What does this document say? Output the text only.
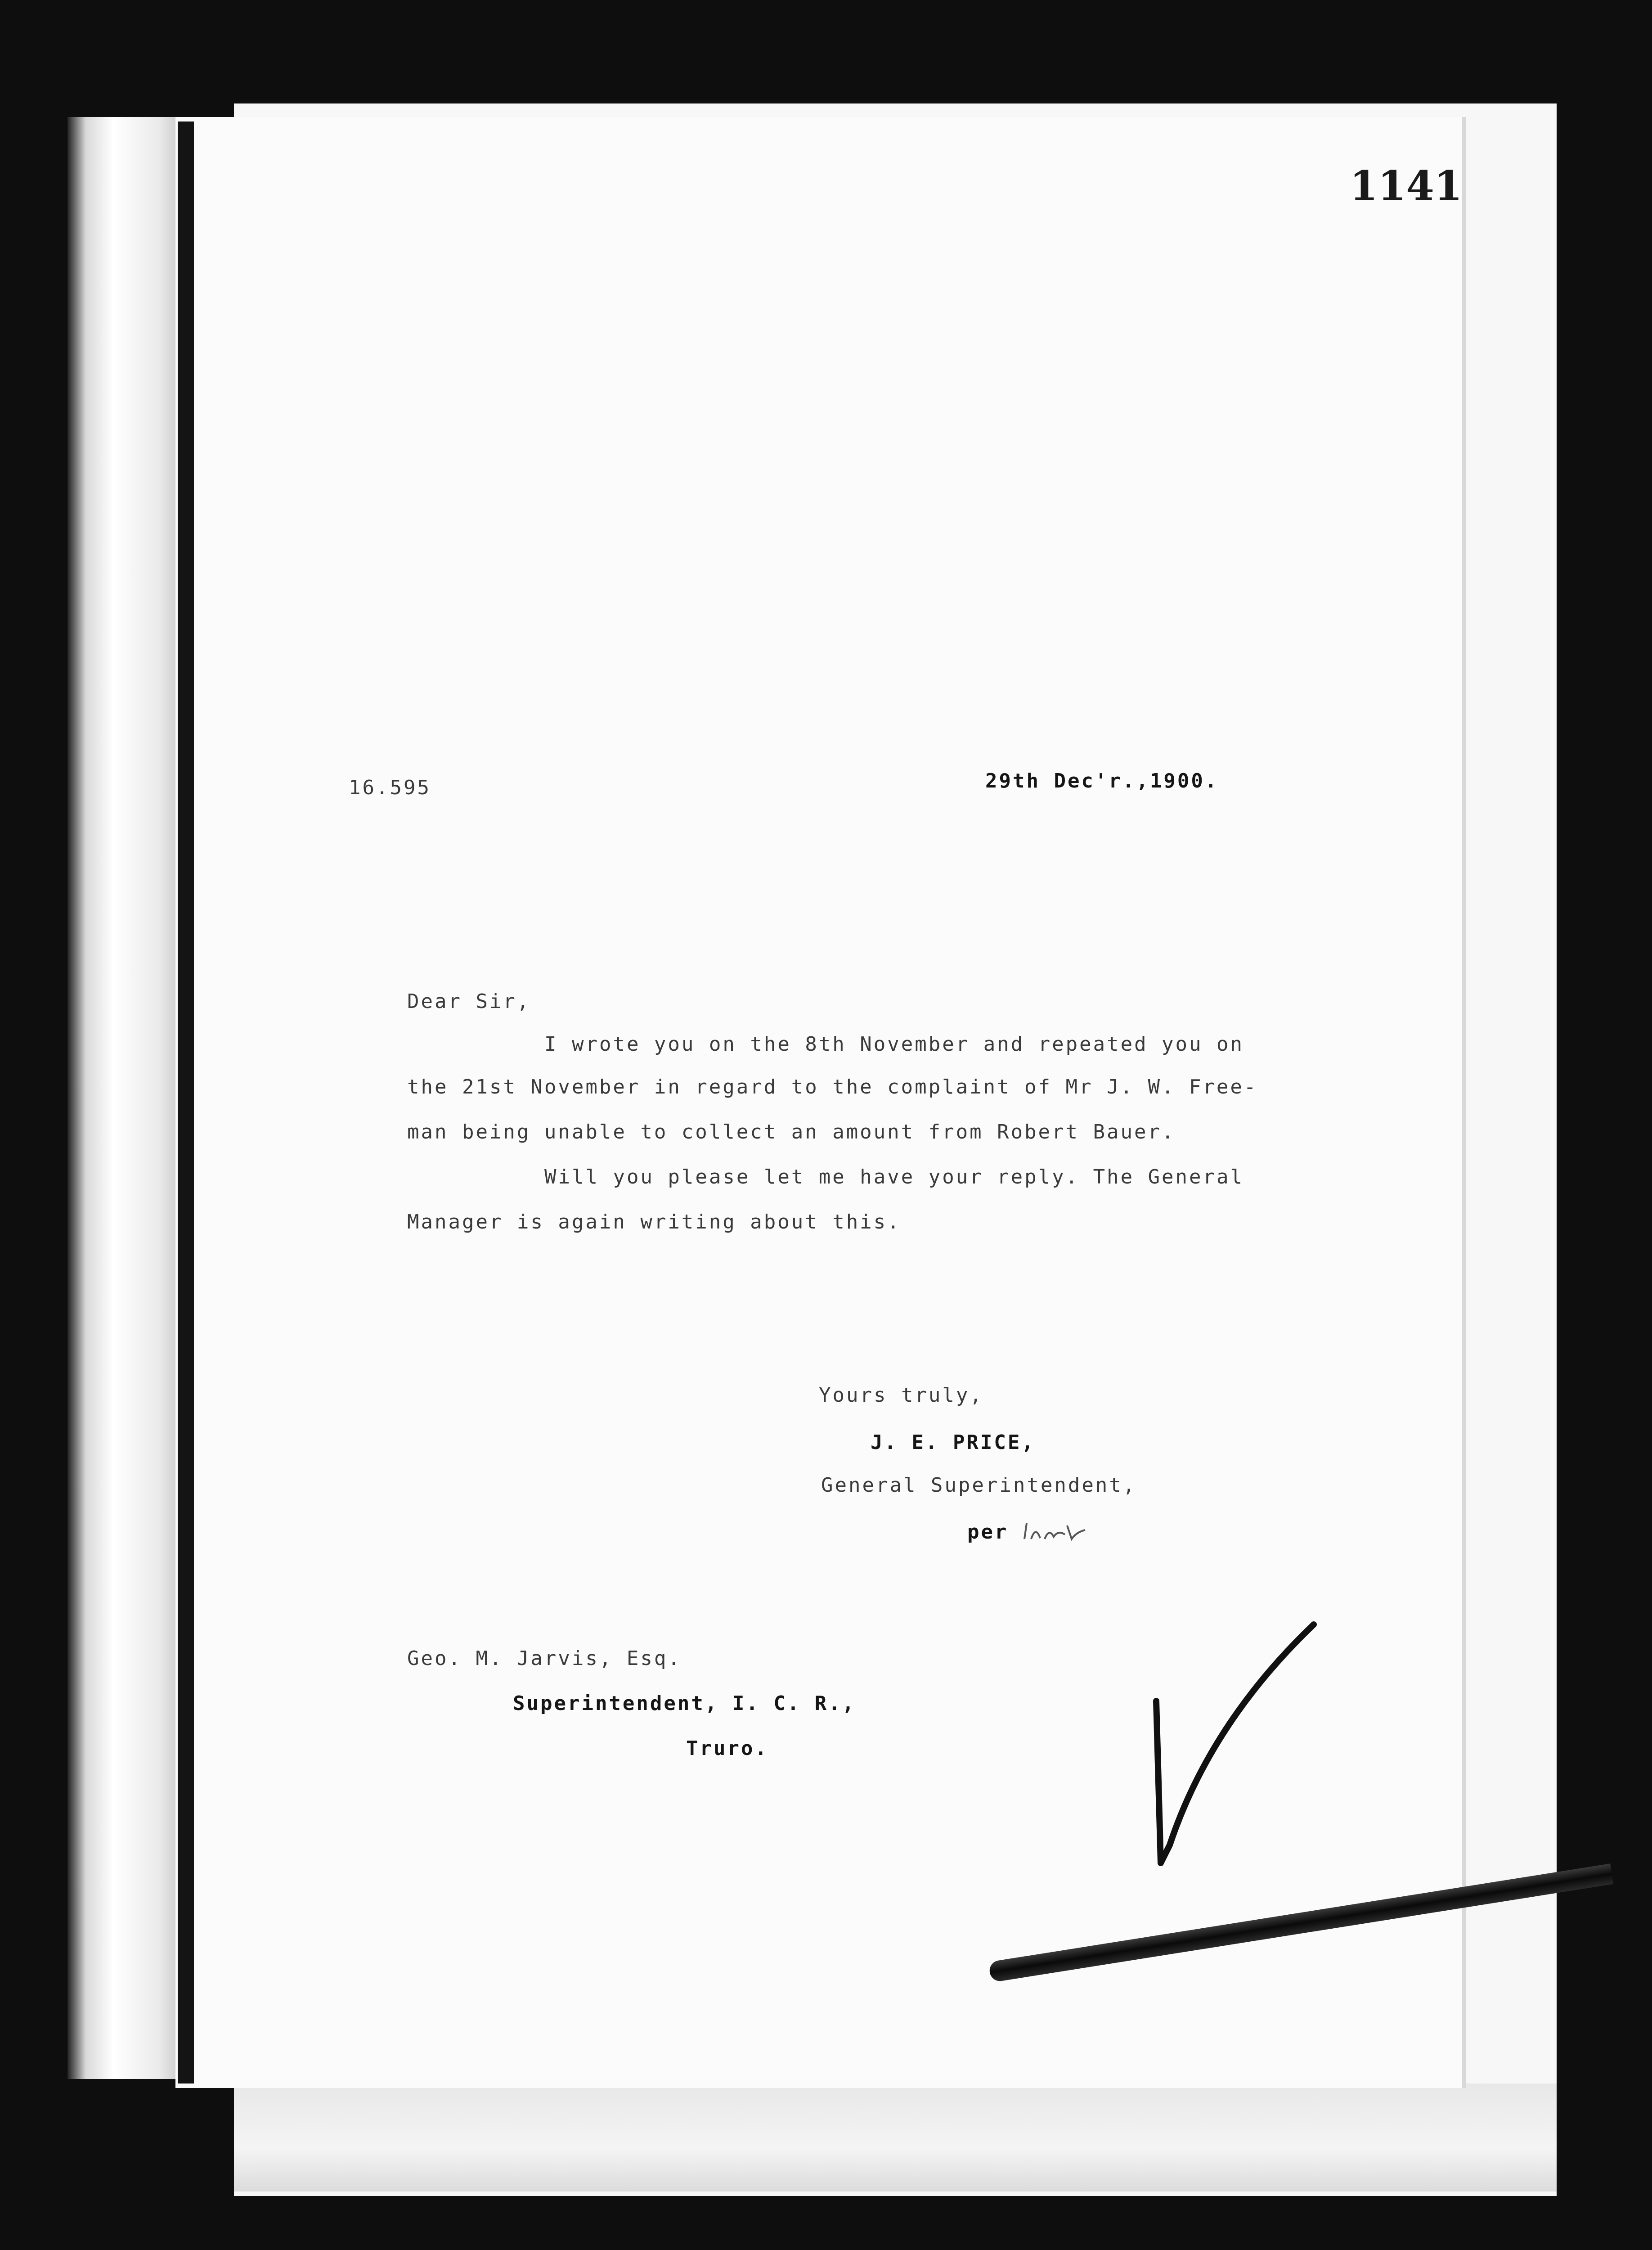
1141
16.595	29th Dec'r.,1900.
Dear Sir,
I wrote you on the 8th November and repeated you on
the 21st November in regard to the complaint of Mr J. W. Free-
man being unable to collect an amount from Robert Bauer.
Will you please let me have your reply. The General
Manager is again writing about this.
Yours truly,
J. E. PRICE,
General Superintendent,
per
Geo. M. Jarvis, Esq.
Superintendent, I. C. R.,
Truro.
